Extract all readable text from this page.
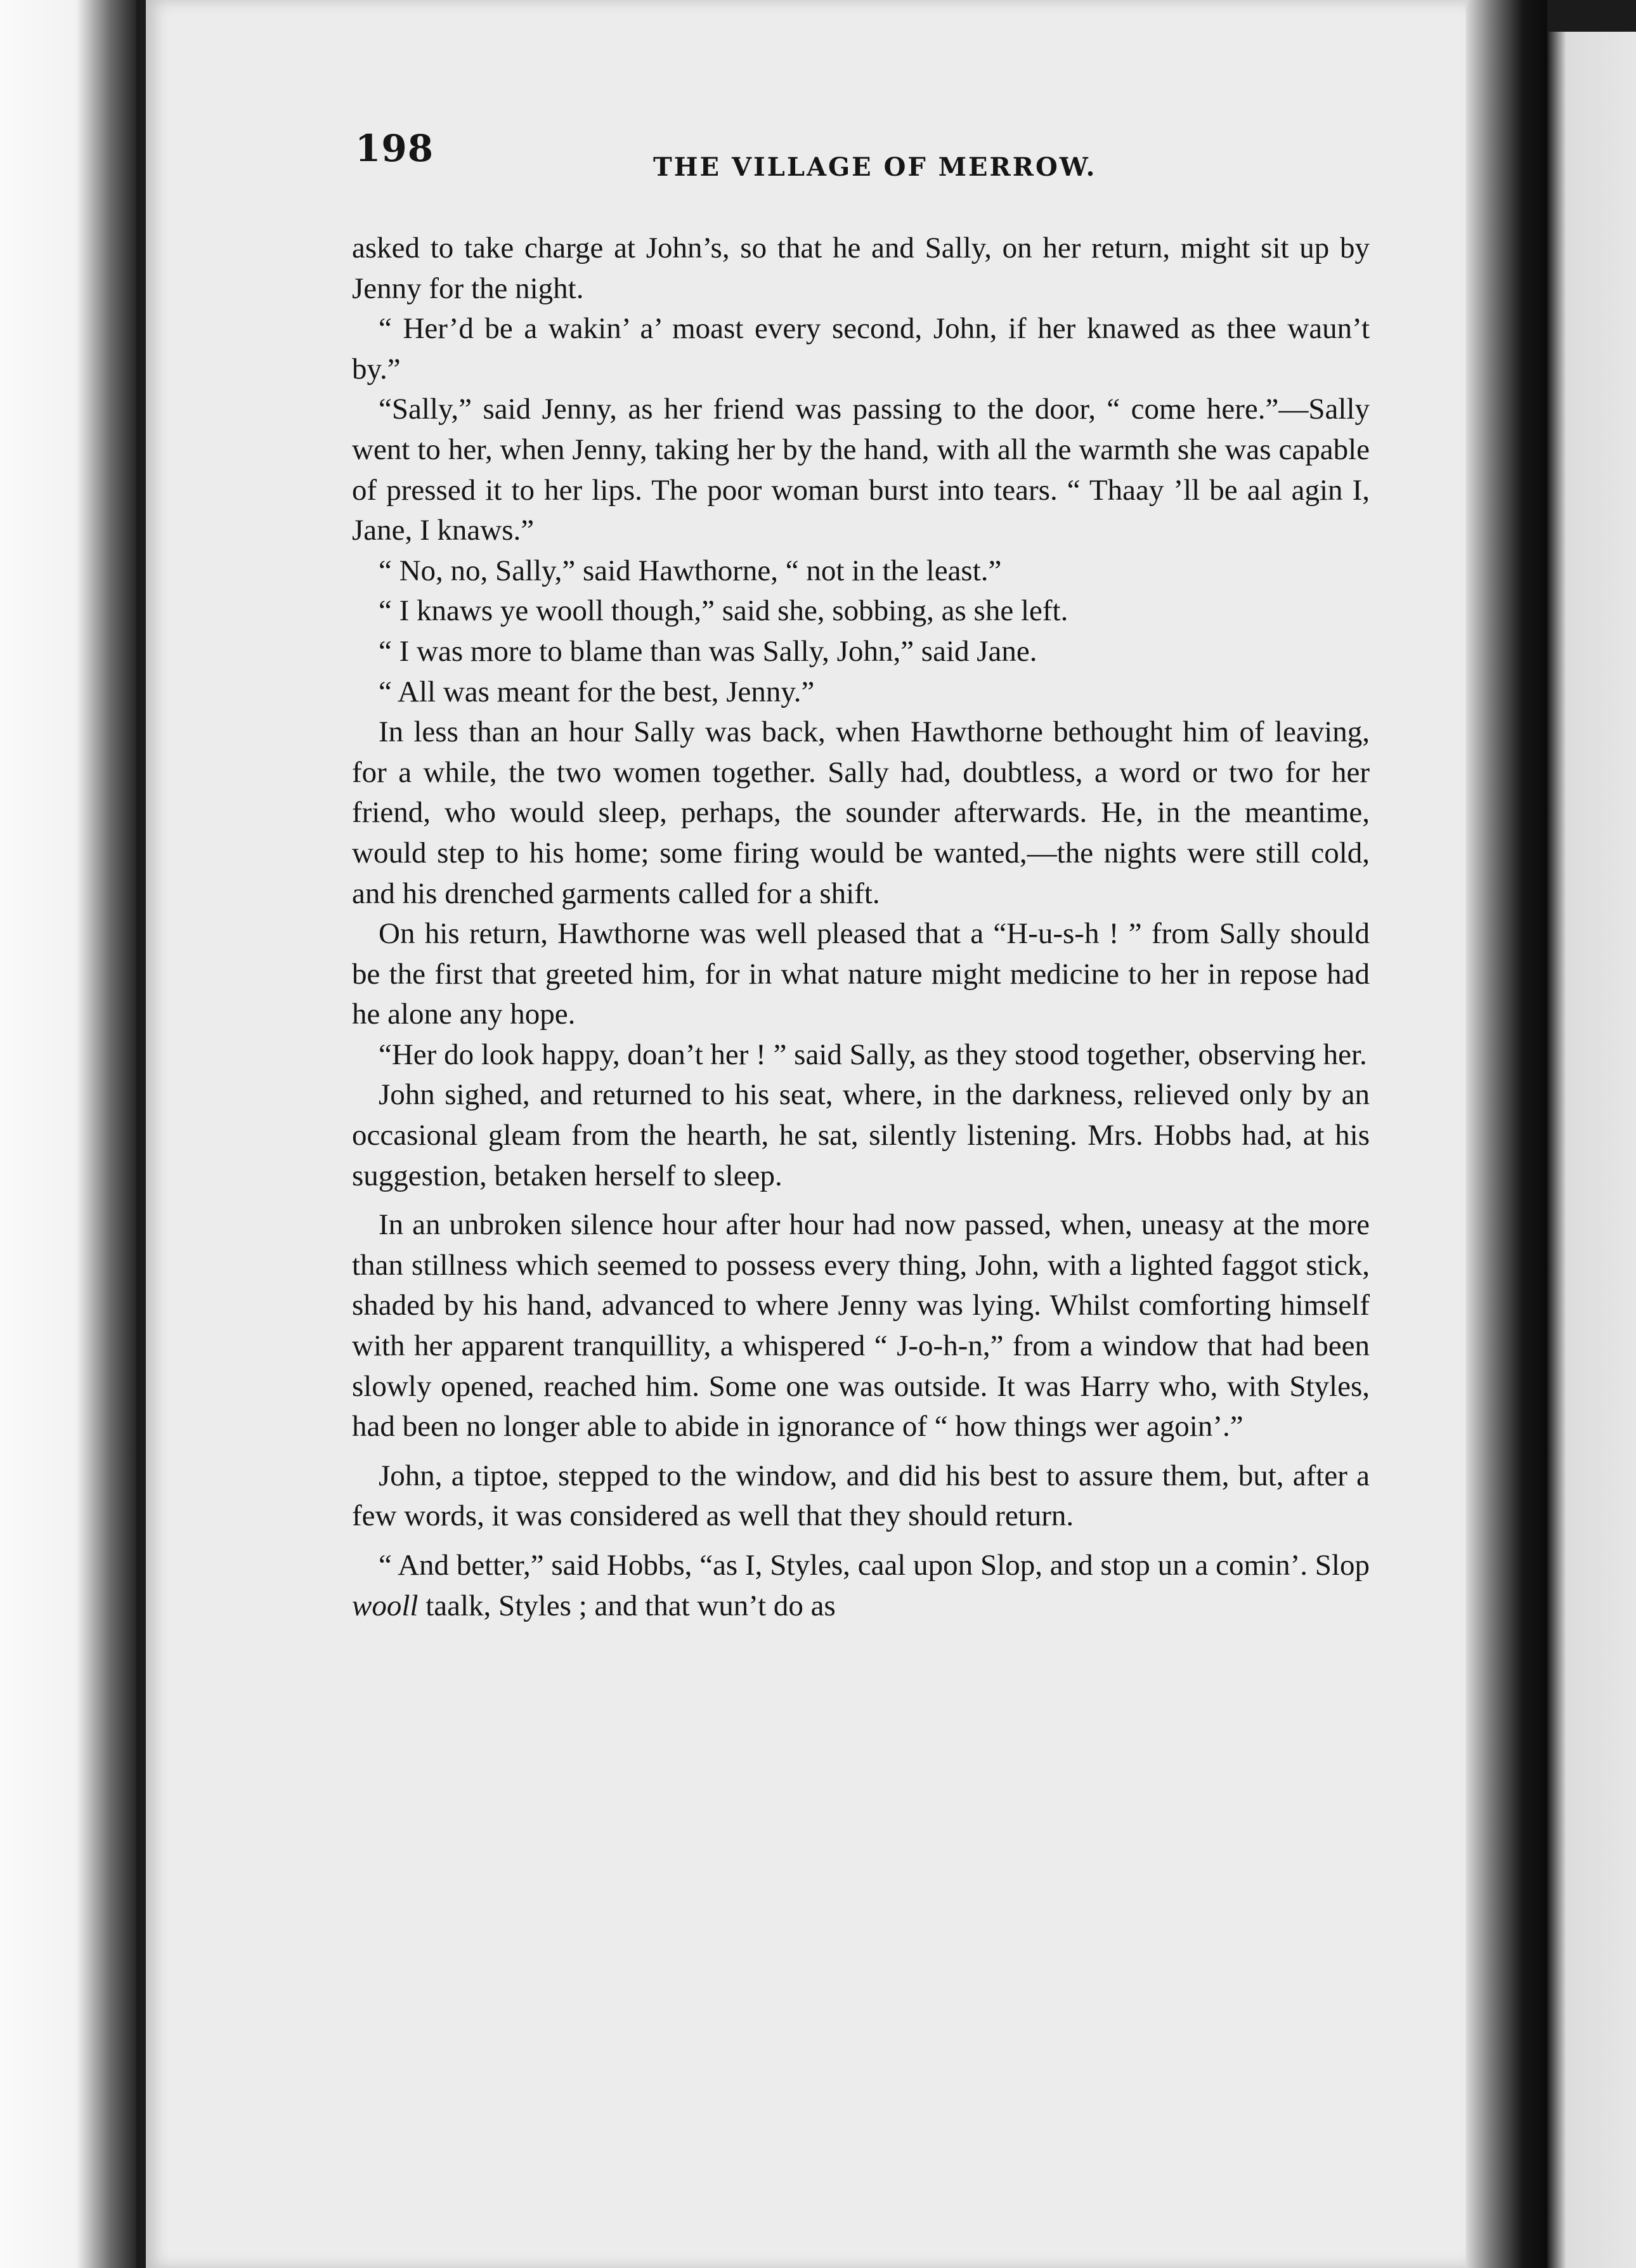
198	THE VILLAGE OF MERROW.

asked to take charge at John’s, so that he and Sally, on her return, might sit up by Jenny for the night.

“ Her’d be a wakin’ a’ moast every second, John, if her knawed as thee waun’t by.”

“Sally,” said Jenny, as her friend was passing to the door, “ come here.”—Sally went to her, when Jenny, taking her by the hand, with all the warmth she was capable of pressed it to her lips. The poor woman burst into tears. “ Thaay ’ll be aal agin I, Jane, I knaws.”

“ No, no, Sally,” said Hawthorne, “ not in the least.”

“ I knaws ye wooll though,” said she, sobbing, as she left.

“ I was more to blame than was Sally, John,” said Jane.

“ All was meant for the best, Jenny.”

In less than an hour Sally was back, when Hawthorne bethought him of leaving, for a while, the two women together. Sally had, doubtless, a word or two for her friend, who would sleep, perhaps, the sounder afterwards. He, in the meantime, would step to his home; some firing would be wanted,—the nights were still cold, and his drenched garments called for a shift.

On his return, Hawthorne was well pleased that a “H-u-s-h ! ” from Sally should be the first that greeted him, for in what nature might medicine to her in repose had he alone any hope.

“Her do look happy, doan’t her ! ” said Sally, as they stood together, observing her.

John sighed, and returned to his seat, where, in the darkness, relieved only by an occasional gleam from the hearth, he sat, silently listening. Mrs. Hobbs had, at his suggestion, betaken herself to sleep.

In an unbroken silence hour after hour had now passed, when, uneasy at the more than stillness which seemed to possess every thing, John, with a lighted faggot stick, shaded by his hand, advanced to where Jenny was lying. Whilst comforting himself with her apparent tranquillity, a whispered “ J-o-h-n,” from a window that had been slowly opened, reached him. Some one was outside. It was Harry who, with Styles, had been no longer able to abide in ignorance of “ how things wer agoin’.”

John, a tiptoe, stepped to the window, and did his best to assure them, but, after a few words, it was considered as well that they should return.

“ And better,” said Hobbs, “as I, Styles, caal upon Slop, and stop un a comin’. Slop wooll taalk, Styles ; and that wun’t do as
